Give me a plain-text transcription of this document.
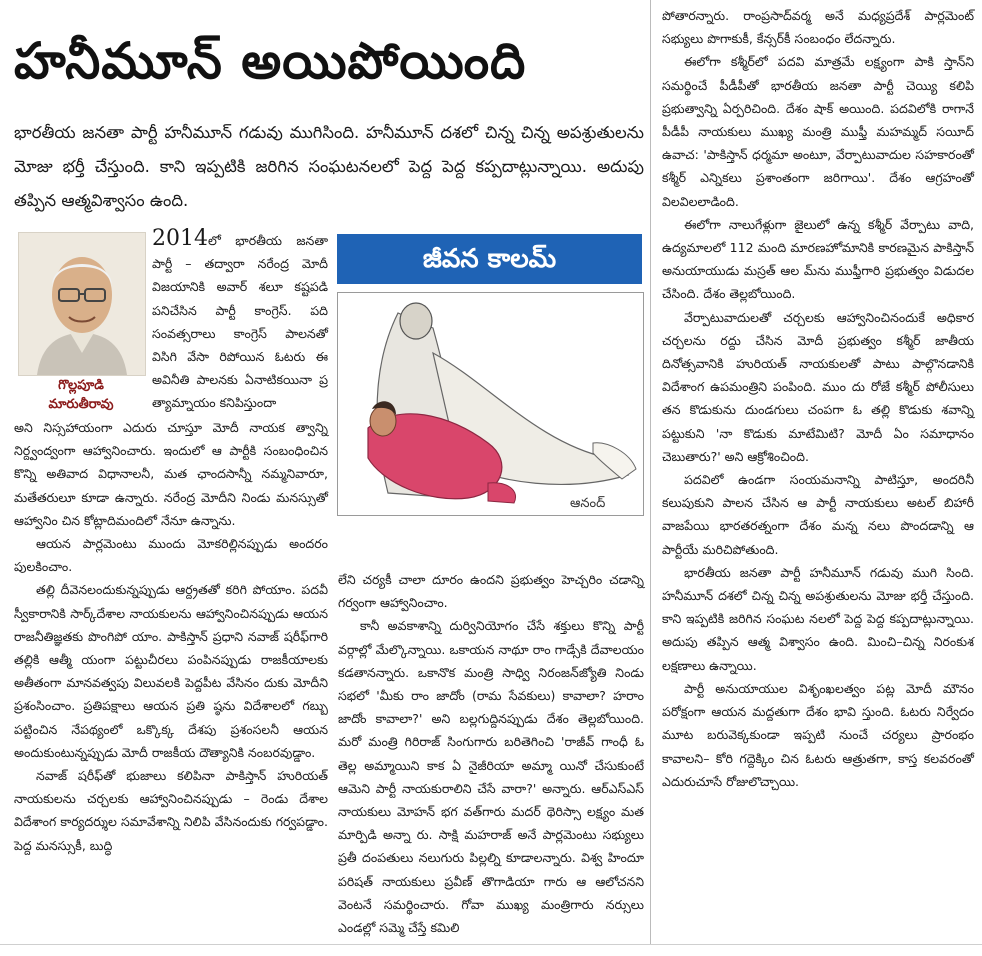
హనీమూన్ అయిపోయింది
భారతీయ జనతా పార్టీ హనీమూన్ గడువు ముగిసింది. హనీమూన్ దశలో చిన్న చిన్న అపశ్రుతులను మోజు భర్తీ చేస్తుంది. కాని ఇప్పటికి జరిగిన సంఘటనలలో పెద్ద పెద్ద కప్పదాట్లున్నాయి. అదుపు తప్పిన ఆత్మవిశ్వాసం ఉంది.
గొల్లపూడి
మారుతీరావు
2014లో భారతీయ జనతా పార్టీ – తద్వారా నరేంద్ర మోదీ విజయానికి అవార్ శలూ కష్టపడి పనిచేసిన పార్టీ కాంగ్రెస్. పది సంవత్సరాలు కాంగ్రెస్ పాలనతో విసిగి వేసా రిపోయిన ఓటరు ఈ అవినీతి పాలనకు ఏనాటికయినా ప్ర త్యామ్నాయం కనిపిస్తుందా

అని నిస్సహాయంగా ఎదురు చూస్తూ మోదీ నాయక త్వాన్ని నిర్ద్వంద్వంగా ఆహ్వానించారు. ఇందులో ఆ పార్టీకి సంబంధించిన కొన్ని అతివాద విధానాలనీ, మత ఛాందసాన్నీ నమ్మనివారూ, మతేతరులూ కూడా ఉన్నారు. నరేంద్ర మోదీని నిండు మనస్సుతో ఆహ్వానిం చిన కోట్లాదిమందిలో నేనూ ఉన్నాను.

ఆయన పార్లమెంటు ముందు మోకరిల్లినప్పుడు అందరం పులకించాం.

తల్లి దీవెనలందుకున్నప్పుడు ఆర్ద్రతతో కరిగి పోయాం. పదవీ స్వీకారానికి సార్క్‌దేశాల నాయకులను ఆహ్వానించినప్పుడు ఆయన రాజనీతిజ్ఞతకు పొంగిపో యాం. పాకిస్తాన్ ప్రధాని నవాజ్ షరీఫ్‌గారి తల్లికి ఆత్మీ యంగా పట్టుచీరలు పంపినప్పుడు రాజకీయాలకు అతీతంగా మానవత్వపు విలువలకి పెద్దపీట వేసినం దుకు మోదీని ప్రశంసించాం. ప్రతిపక్షాలు ఆయన ప్రతి ష్ఠను విదేశాలలో గబ్బు పట్టించిన నేపథ్యంలో ఒక్కొక్క దేశపు ప్రశంసలనీ ఆయన అందుకుంటున్నప్పుడు మోదీ రాజకీయ దౌత్యానికి నంబరవుడ్డాం.

నవాజ్ షరీఫ్‌తో భుజాలు కలిపినా పాకిస్తాన్ హురియత్ నాయకులను చర్చలకు ఆహ్వానించినప్పుడు – రెండు దేశాల విదేశాంగ కార్యదర్శుల సమావేశాన్ని నిలిపి వేసినందుకు గర్వపడ్డాం. పెద్ద మనస్సుకీ, బుద్ధి

జీవన కాలమ్
ఆనంద్

లేని చర్యకీ చాలా దూరం ఉందని ప్రభుత్వం హెచ్చరిం చడాన్ని గర్వంగా ఆహ్వానించాం.

కానీ అవకాశాన్ని దుర్వినియోగం చేసే శక్తులు కొన్ని పార్టీ వర్గాల్లో మేల్కొన్నాయి. ఒకాయన నాథూ రాం గాడ్సేకి దేవాలయం కడతానన్నారు. ఒకానొక మంత్రి సాధ్వి నిరంజన్‌జ్యోతి నిండు సభలో 'మీకు రాం జాదోం (రామ సేవకులు) కావాలా? హరాం జాదోం కావాలా?' అని బల్లగుద్దినప్పుడు దేశం తెల్లబోయింది. మరో మంత్రి గిరిరాజ్ సింగుగారు బరితెగించి 'రాజీవ్ గాంధీ ఓ తెల్ల అమ్మాయిని కాక ఏ నైజీరియా అమ్మా యినో చేసుకుంటే ఆమెని పార్టీ నాయకురాలిని చేసే వారా?' అన్నారు. ఆర్‌ఎస్‌ఎస్ నాయకులు మోహన్ భగ వత్‌గారు మదర్ థెరిస్సా లక్ష్యం మత మార్పిడి అన్నా రు. సాక్షి మహరాజ్ అనే పార్లమెంటు సభ్యులు ప్రతీ దంపతులు నలుగురు పిల్లల్ని కూడాలన్నారు. విశ్వ హిందూ పరిషత్ నాయకులు ప్రవీణ్ తొగాడియా గారు ఆ ఆలోచనని వెంటనే సమర్థించారు. గోవా ముఖ్య మంత్రిగారు నర్సులు ఎండల్లో సమ్మె చేస్తే కమిలి

పోతారన్నారు. రాంప్రసాద్‌వర్మ అనే మధ్యప్రదేశ్ పార్లమెంట్ సభ్యులు పొగాకుకీ, కేన్సర్‌కీ సంబంధం లేదన్నారు.

ఈలోగా కశ్మీర్‌లో పదవి మాత్రమే లక్ష్యంగా పాకి స్తాన్‌ని సమర్థించే పీడీపీతో భారతీయ జనతా పార్టీ చెయ్యి కలిపి ప్రభుత్వాన్ని ఏర్పరిచింది. దేశం షాక్ అయింది. పదవిలోకి రాగానే పీడీపీ నాయకులు ముఖ్య మంత్రి ముఫ్తీ మహమ్మద్ సయీద్ ఉవాచ: 'పాకిస్తాన్ ధర్మమా అంటూ, వేర్పాటువాదుల సహకారంతో కశ్మీర్ ఎన్నికలు ప్రశాంతంగా జరిగాయి'. దేశం ఆగ్రహంతో విలవిలలాడింది.

ఈలోగా నాలుగేళ్లుగా జైలులో ఉన్న కశ్మీర్ వేర్పాటు వాది, ఉద్యమాలలో 112 మంది మారణహోమానికి కారణమైన పాకిస్తాన్ అనుయాయుడు మస్రత్ ఆల మ్‌ను ముఫ్తీగారి ప్రభుత్వం విడుదల చేసింది. దేశం తెల్లబోయింది.

వేర్పాటువాదులతో చర్చలకు ఆహ్వానించినందుకే అధికార చర్చలను రద్దు చేసిన మోదీ ప్రభుత్వం కశ్మీర్ జాతీయ దినోత్సవానికి హురియత్ నాయకులతో పాటు పాల్గొనడానికి విదేశాంగ ఉపమంత్రిని పంపింది. ముం దు రోజే కశ్మీర్ పోలీసులు తన కొడుకును దుండగులు చంపగా ఓ తల్లి కొడుకు శవాన్ని పట్టుకుని 'నా కొడుకు మాటేమిటి? మోదీ ఏం సమాధానం చెబుతారు?' అని ఆక్రోశించింది.

పదవిలో ఉండగా సంయమనాన్ని పాటిస్తూ, అందరినీ కలుపుకుని పాలన చేసిన ఆ పార్టీ నాయకులు అటల్ బిహారీ వాజపేయి భారతరత్నంగా దేశం మన్న నలు పొందడాన్ని ఆ పార్టీయే మరిచిపోతుంది.

భారతీయ జనతా పార్టీ హనీమూన్ గడువు ముగి సింది. హనీమూన్ దశలో చిన్న చిన్న అపశ్రుతులను మోజు భర్తీ చేస్తుంది. కాని ఇప్పటికి జరిగిన సంఘట నలలో పెద్ద పెద్ద కప్పదాట్లున్నాయి. అదుపు తప్పిన ఆత్మ విశ్వాసం ఉంది. మించి–చిన్న నిరంకుశ లక్షణాలు ఉన్నాయి.

పార్టీ అనుయాయుల విశృంఖలత్వం పట్ల మోదీ మౌనం పరోక్షంగా ఆయన మద్దతుగా దేశం భావి స్తుంది. ఓటరు నిర్వేదం మూట బరువెక్కకుండా ఇప్పటి నుంచే చర్యలు ప్రారంభం కావాలని– కోరి గద్దెక్కిం చిన ఓటరు ఆత్రుతగా, కాస్త కలవరంతో ఎదురుచూసే రోజులొచ్చాయి.
